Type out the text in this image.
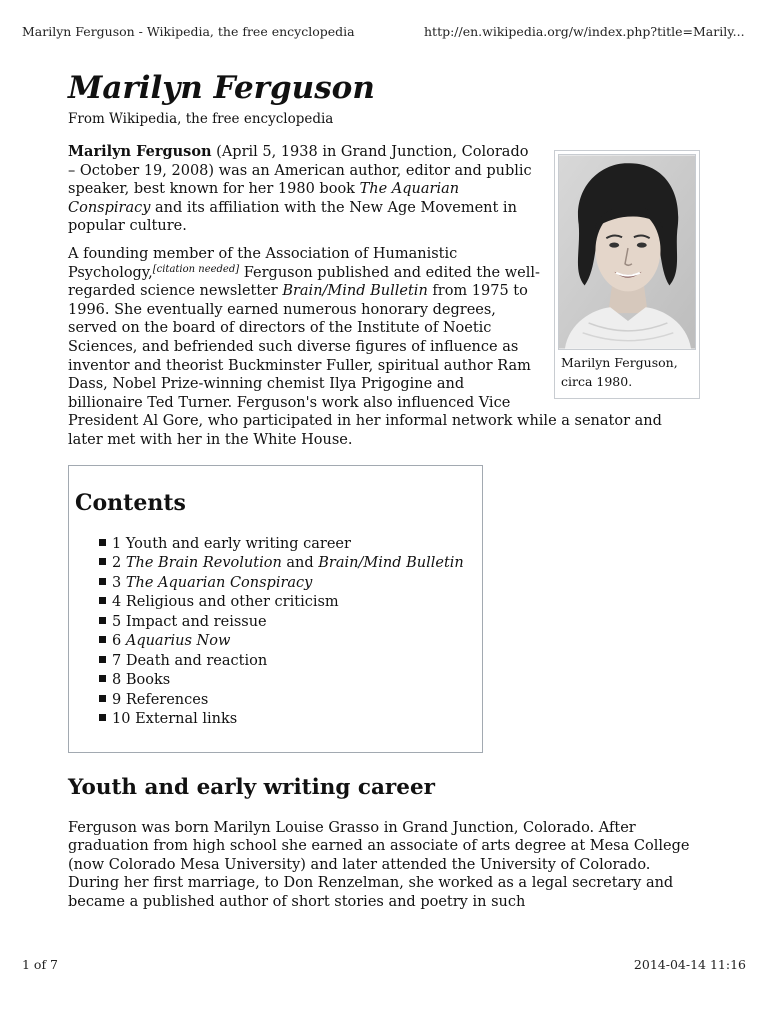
Marilyn Ferguson - Wikipedia, the free encyclopedia	http://en.wikipedia.org/w/index.php?title=Marily...
Marilyn Ferguson
From Wikipedia, the free encyclopedia
Marilyn Ferguson, circa 1980.

Marilyn Ferguson (April 5, 1938 in Grand Junction, Colorado – October 19, 2008) was an American author, editor and public speaker, best known for her 1980 book The Aquarian Conspiracy and its affiliation with the New Age Movement in popular culture.

A founding member of the Association of Humanistic Psychology,[citation needed] Ferguson published and edited the well-regarded science newsletter Brain/Mind Bulletin from 1975 to 1996. She eventually earned numerous honorary degrees, served on the board of directors of the Institute of Noetic Sciences, and befriended such diverse figures of influence as inventor and theorist Buckminster Fuller, spiritual author Ram Dass, Nobel Prize-winning chemist Ilya Prigogine and billionaire Ted Turner. Ferguson's work also influenced Vice President Al Gore, who participated in her informal network while a senator and later met with her in the White House.

Contents
1 Youth and early writing career
2 The Brain Revolution and Brain/Mind Bulletin
3 The Aquarian Conspiracy
4 Religious and other criticism
5 Impact and reissue
6 Aquarius Now
7 Death and reaction
8 Books
9 References
10 External links
Youth and early writing career

Ferguson was born Marilyn Louise Grasso in Grand Junction, Colorado. After graduation from high school she earned an associate of arts degree at Mesa College (now Colorado Mesa University) and later attended the University of Colorado. During her first marriage, to Don Renzelman, she worked as a legal secretary and became a published author of short stories and poetry in such

1 of 7	2014-04-14 11:16
